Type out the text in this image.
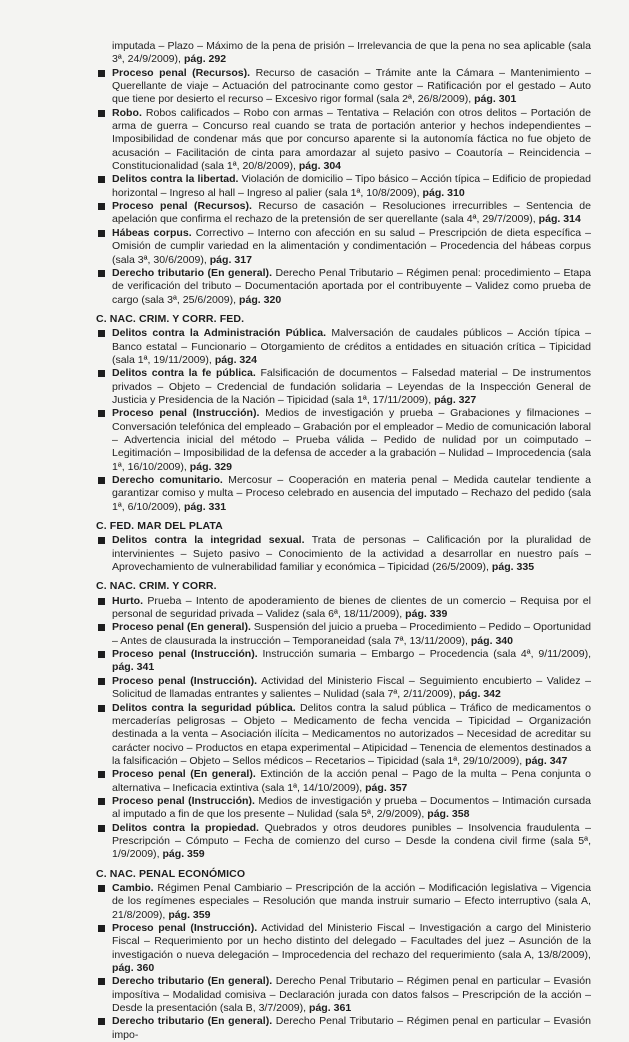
imputada – Plazo – Máximo de la pena de prisión – Irrelevancia de que la pena no sea aplicable (sala 3ª, 24/9/2009), pág. 292
Proceso penal (Recursos). Recurso de casación – Trámite ante la Cámara – Mantenimiento – Querellante de viaje – Actuación del patrocinante como gestor – Ratificación por el gestado – Auto que tiene por desierto el recurso – Excesivo rigor formal (sala 2ª, 26/8/2009), pág. 301
Robo. Robos calificados – Robo con armas – Tentativa – Relación con otros delitos – Portación de arma de guerra – Concurso real cuando se trata de portación anterior y hechos independientes – Imposibilidad de condenar más que por concurso aparente si la autonomía fáctica no fue objeto de acusación – Facilitación de cinta para amordazar al sujeto pasivo – Coautoría – Reincidencia – Constitucionalidad (sala 1ª, 20/8/2009), pág. 304
Delitos contra la libertad. Violación de domicilio – Tipo básico – Acción típica – Edificio de propiedad horizontal – Ingreso al hall – Ingreso al palier (sala 1ª, 10/8/2009), pág. 310
Proceso penal (Recursos). Recurso de casación – Resoluciones irrecurribles – Sentencia de apelación que confirma el rechazo de la pretensión de ser querellante (sala 4ª, 29/7/2009), pág. 314
Hábeas corpus. Correctivo – Interno con afección en su salud – Prescripción de dieta específica – Omisión de cumplir variedad en la alimentación y condimentación – Procedencia del hábeas corpus (sala 3ª, 30/6/2009), pág. 317
Derecho tributario (En general). Derecho Penal Tributario – Régimen penal: procedimiento – Etapa de verificación del tributo – Documentación aportada por el contribuyente – Validez como prueba de cargo (sala 3ª, 25/6/2009), pág. 320
C. NAC. CRIM. Y CORR. FED.
Delitos contra la Administración Pública. Malversación de caudales públicos – Acción típica – Banco estatal – Funcionario – Otorgamiento de créditos a entidades en situación crítica – Tipicidad (sala 1ª, 19/11/2009), pág. 324
Delitos contra la fe pública. Falsificación de documentos – Falsedad material – De instrumentos privados – Objeto – Credencial de fundación solidaria – Leyendas de la Inspección General de Justicia y Presidencia de la Nación – Tipicidad (sala 1ª, 17/11/2009), pág. 327
Proceso penal (Instrucción). Medios de investigación y prueba – Grabaciones y filmaciones – Conversación telefónica del empleado – Grabación por el empleador – Medio de comunicación laboral – Advertencia inicial del método – Prueba válida – Pedido de nulidad por un coimputado – Legitimación – Imposibilidad de la defensa de acceder a la grabación – Nulidad – Improcedencia (sala 1ª, 16/10/2009), pág. 329
Derecho comunitario. Mercosur – Cooperación en materia penal – Medida cautelar tendiente a garantizar comiso y multa – Proceso celebrado en ausencia del imputado – Rechazo del pedido (sala 1ª, 6/10/2009), pág. 331
C. FED. MAR DEL PLATA
Delitos contra la integridad sexual. Trata de personas – Calificación por la pluralidad de intervinientes – Sujeto pasivo – Conocimiento de la actividad a desarrollar en nuestro país – Aprovechamiento de vulnerabilidad familiar y económica – Tipicidad (26/5/2009), pág. 335
C. NAC. CRIM. Y CORR.
Hurto. Prueba – Intento de apoderamiento de bienes de clientes de un comercio – Requisa por el personal de seguridad privada – Validez (sala 6ª, 18/11/2009), pág. 339
Proceso penal (En general). Suspensión del juicio a prueba – Procedimiento – Pedido – Oportunidad – Antes de clausurada la instrucción – Temporaneidad (sala 7ª, 13/11/2009), pág. 340
Proceso penal (Instrucción). Instrucción sumaria – Embargo – Procedencia (sala 4ª, 9/11/2009), pág. 341
Proceso penal (Instrucción). Actividad del Ministerio Fiscal – Seguimiento encubierto – Validez – Solicitud de llamadas entrantes y salientes – Nulidad (sala 7ª, 2/11/2009), pág. 342
Delitos contra la seguridad pública. Delitos contra la salud pública – Tráfico de medicamentos o mercaderías peligrosas – Objeto – Medicamento de fecha vencida – Tipicidad – Organización destinada a la venta – Asociación ilícita – Medicamentos no autorizados – Necesidad de acreditar su carácter nocivo – Productos en etapa experimental – Atipicidad – Tenencia de elementos destinados a la falsificación – Objeto – Sellos médicos – Recetarios – Tipicidad (sala 1ª, 29/10/2009), pág. 347
Proceso penal (En general). Extinción de la acción penal – Pago de la multa – Pena conjunta o alternativa – Ineficacia extintiva (sala 1ª, 14/10/2009), pág. 357
Proceso penal (Instrucción). Medios de investigación y prueba – Documentos – Intimación cursada al imputado a fin de que los presente – Nulidad (sala 5ª, 2/9/2009), pág. 358
Delitos contra la propiedad. Quebrados y otros deudores punibles – Insolvencia fraudulenta – Prescripción – Cómputo – Fecha de comienzo del curso – Desde la condena civil firme (sala 5ª, 1/9/2009), pág. 359
C. NAC. PENAL ECONÓMICO
Cambio. Régimen Penal Cambiario – Prescripción de la acción – Modificación legislativa – Vigencia de los regímenes especiales – Resolución que manda instruir sumario – Efecto interruptivo (sala A, 21/8/2009), pág. 359
Proceso penal (Instrucción). Actividad del Ministerio Fiscal – Investigación a cargo del Ministerio Fiscal – Requerimiento por un hecho distinto del delegado – Facultades del juez – Asunción de la investigación o nueva delegación – Improcedencia del rechazo del requerimiento (sala A, 13/8/2009), pág. 360
Derecho tributario (En general). Derecho Penal Tributario – Régimen penal en particular – Evasión imposítiva – Modalidad comisiva – Declaración jurada con datos falsos – Prescripción de la acción – Desde la presentación (sala B, 3/7/2009), pág. 361
Derecho tributario (En general). Derecho Penal Tributario – Régimen penal en particular – Evasión impo-
